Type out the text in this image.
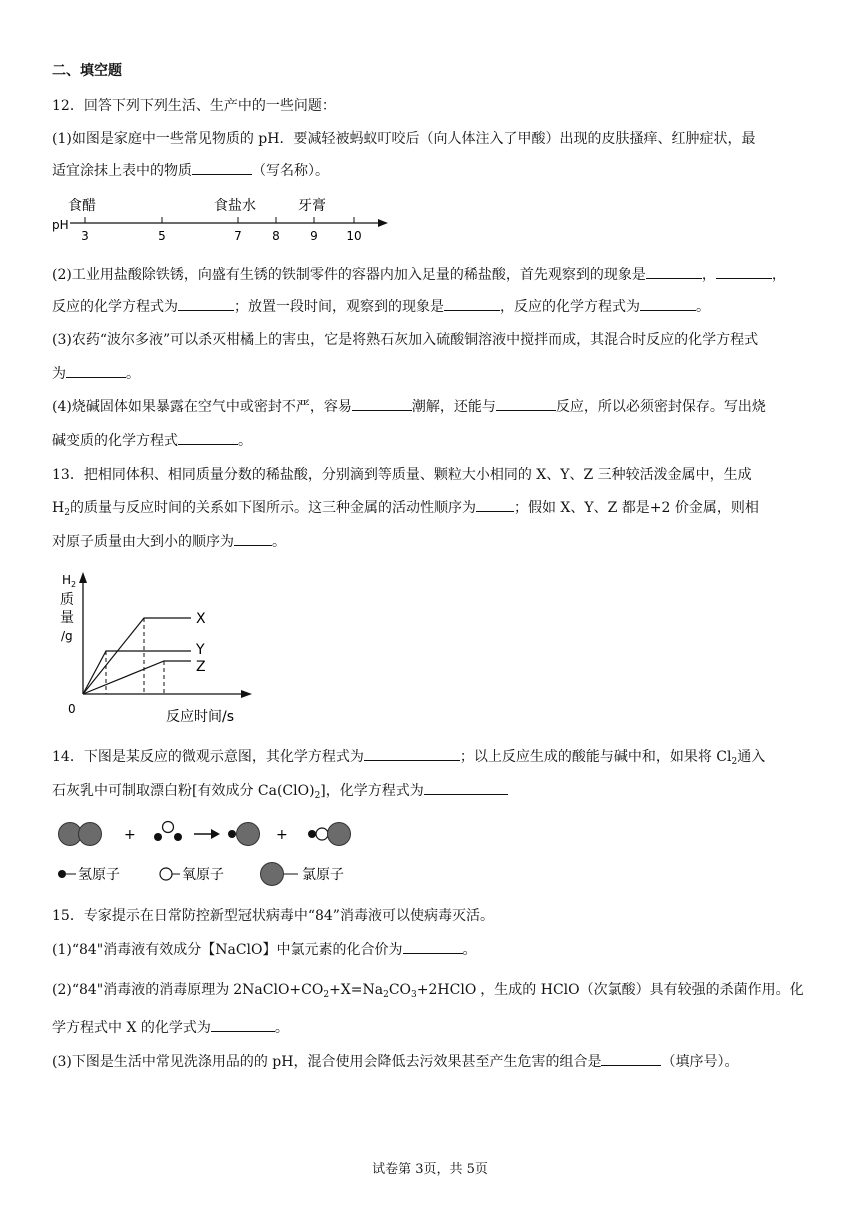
二、填空题
12．回答下列下列生活、生产中的一些问题：
(1)如图是家庭中一些常见物质的 pH．要减轻被蚂蚁叮咬后（向人体注入了甲酸）出现的皮肤搔痒、红肿症状，最
适宜涂抹上表中的物质	（写名称）。
食醋	食盐水	牙膏
pH
3	5	7	8	9 10
(2)工业用盐酸除铁锈，向盛有生锈的铁制零件的容器内加入足量的稀盐酸，首先观察到的现象是	，	，
反应的化学方程式为	；放置一段时间，观察到的现象是	，反应的化学方程式为	。
(3)农药“波尔多液”可以杀灭柑橘上的害虫，它是将熟石灰加入硫酸铜溶液中搅拌而成，其混合时反应的化学方程式
为	。
(4)烧碱固体如果暴露在空气中或密封不严，容易	潮解，还能与	反应，所以必须密封保存。写出烧
碱变质的化学方程式	。
13．把相同体积、相同质量分数的稀盐酸，分别滴到等质量、颗粒大小相同的 X、Y、Z 三种较活泼金属中，生成
$H_2$的质量与反应时间的关系如下图所示。这三种金属的活动性顺序为	；假如 X、Y、Z 都是+2 价金属，则相
对原子质量由大到小的顺序为	。
$H_2$
质
量
/g
0	反应时间/s
X
Y
Z
14．下图是某反应的微观示意图，其化学方程式为	；以上反应生成的酸能与碱中和，如果将 $Cl_2$通入
石灰乳中可制取漂白粉[有效成分 $Ca(ClO)_2$]，化学方程式为
+	+
氢原子	氧原子	氯原子
15．专家提示在日常防控新型冠状病毒中“84”消毒液可以使病毒灭活。
(1)“84"消毒液有效成分【NaClO】中氯元素的化合价为	。
(2)“84"消毒液的消毒原理为 $2NaClO+CO_2+X=Na_2CO_3+2HClO$ ，生成的 HClO（次氯酸）具有较强的杀菌作用。化
学方程式中 X 的化学式为	。
(3)下图是生活中常见洗涤用品的的 pH，混合使用会降低去污效果甚至产生危害的组合是	（填序号）。
试卷第 3页，共 5页
